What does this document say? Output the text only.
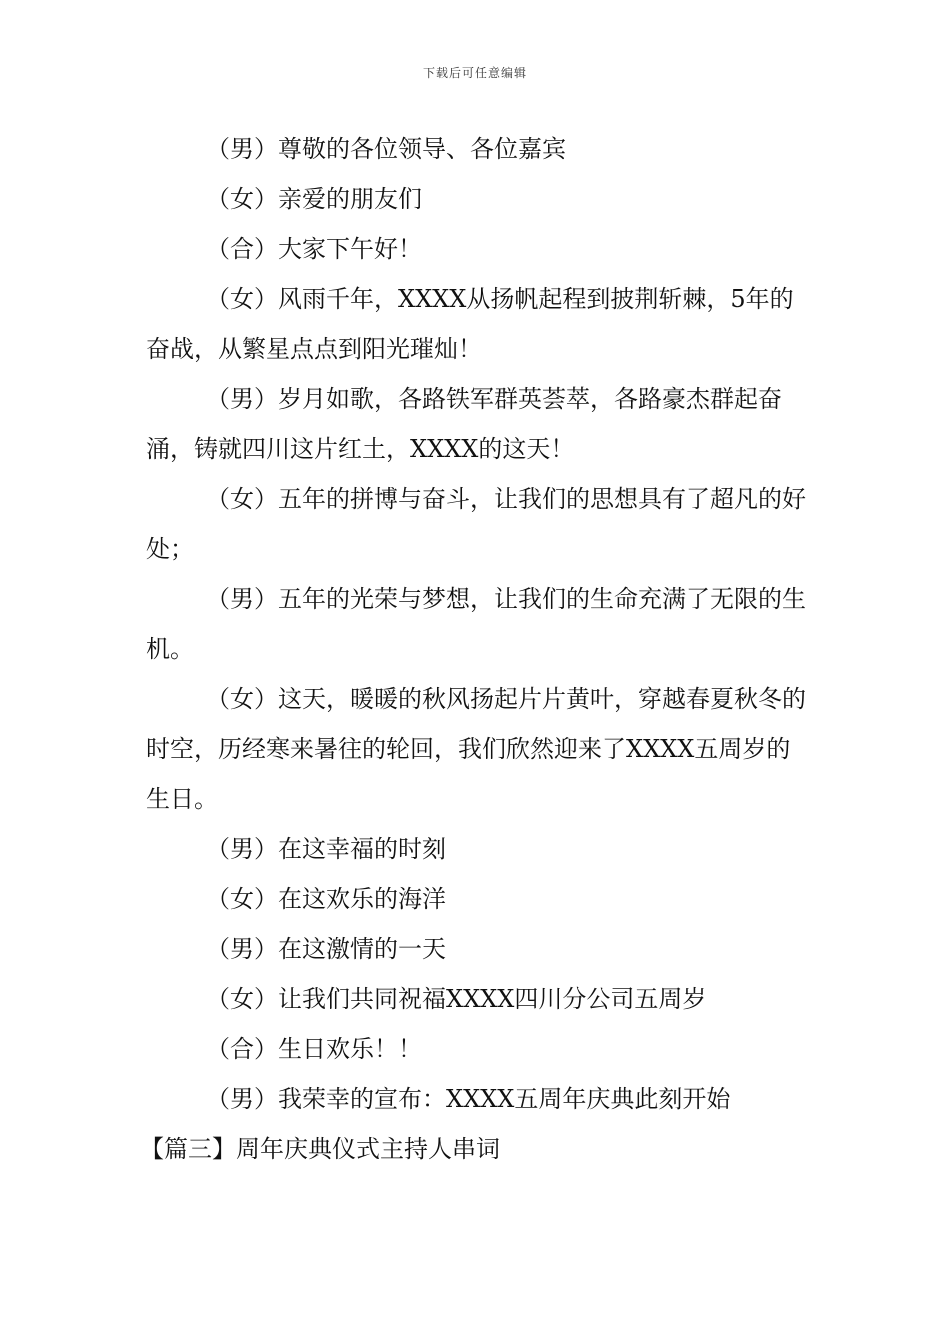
下载后可任意编辑

（男）尊敬的各位领导、各位嘉宾

（女）亲爱的朋友们

（合）大家下午好！

（女）风雨千年，XXXX从扬帆起程到披荆斩棘，5年的奋战，从繁星点点到阳光璀灿！

（男）岁月如歌，各路铁军群英荟萃，各路豪杰群起奋涌，铸就四川这片红土，XXXX的这天！

（女）五年的拼博与奋斗，让我们的思想具有了超凡的好处；

（男）五年的光荣与梦想，让我们的生命充满了无限的生机。

（女）这天，暖暖的秋风扬起片片黄叶，穿越春夏秋冬的时空，历经寒来暑往的轮回，我们欣然迎来了XXXX五周岁的生日。

（男）在这幸福的时刻

（女）在这欢乐的海洋

（男）在这激情的一天

（女）让我们共同祝福XXXX四川分公司五周岁

（合）生日欢乐！！

（男）我荣幸的宣布：XXXX五周年庆典此刻开始

【篇三】周年庆典仪式主持人串词
